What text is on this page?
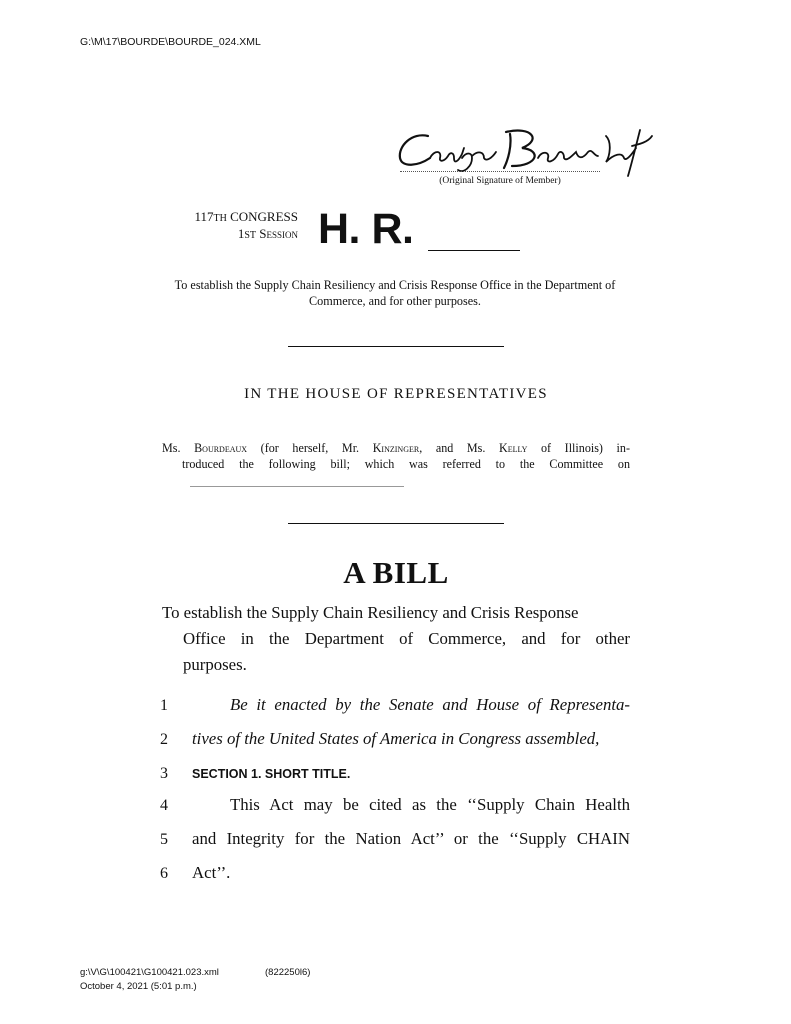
G:\M\17\BOURDE\BOURDE_024.XML
(Original Signature of Member)
117TH CONGRESS
1ST Session H. R.
To establish the Supply Chain Resiliency and Crisis Response Office in the Department of Commerce, and for other purposes.
IN THE HOUSE OF REPRESENTATIVES
Ms. Bourdeaux (for herself, Mr. Kinzinger, and Ms. Kelly of Illinois) in-
troduced the following bill; which was referred to the Committee on
A BILL
To establish the Supply Chain Resiliency and Crisis Response
Office in the Department of Commerce, and for other
purposes.
1	Be it enacted by the Senate and House of Representa-
2	tives of the United States of America in Congress assembled,
3	SECTION 1. SHORT TITLE.
4	This Act may be cited as the ‘‘Supply Chain Health
5	and Integrity for the Nation Act’’ or the ‘‘Supply CHAIN
6	Act’’.
g:\V\G\100421\G100421.023.xml	(822250l6)
October 4, 2021 (5:01 p.m.)
